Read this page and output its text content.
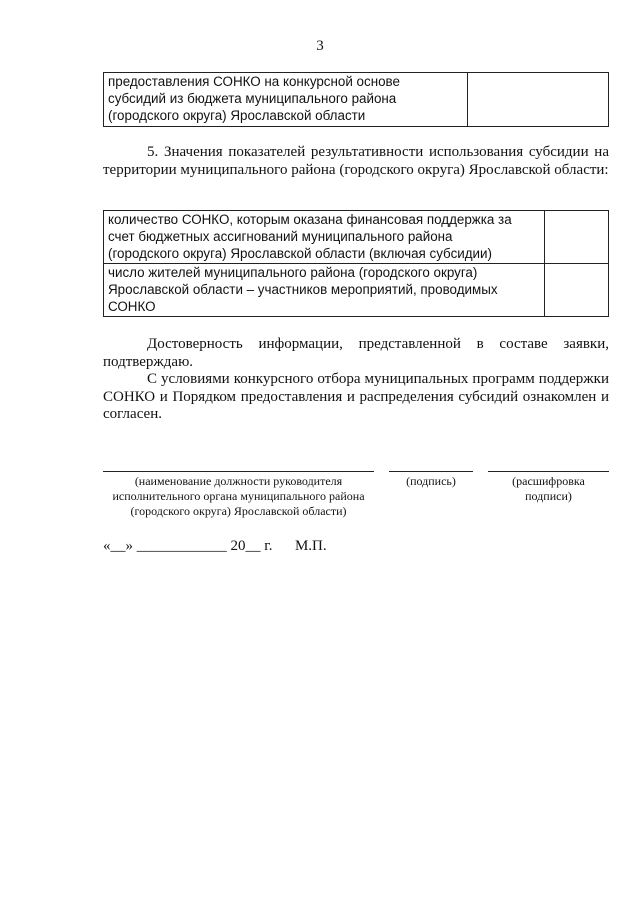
3
предоставления СОНКО на конкурсной основе
субсидий из бюджета муниципального района
(городского округа) Ярославской области

5. Значения показателей результативности использования субсидии на территории муниципального района (городского округа) Ярославской области:

количество СОНКО, которым оказана финансовая поддержка за
счет бюджетных ассигнований муниципального района
(городского округа) Ярославской области (включая субсидии)	

число жителей муниципального района (городского округа)
Ярославской области – участников мероприятий, проводимых
СОНКО	

Достоверность информации, представленной в составе заявки, подтверждаю.

С условиями конкурсного отбора муниципальных программ поддержки СОНКО и Порядком предоставления и распределения субсидий ознакомлен и согласен.

(наименование должности руководителя
исполнительного органа муниципального района
(городского округа) Ярославской области)
(подпись)	(расшифровка
подписи)
«__» ____________ 20__ г.      М.П.
